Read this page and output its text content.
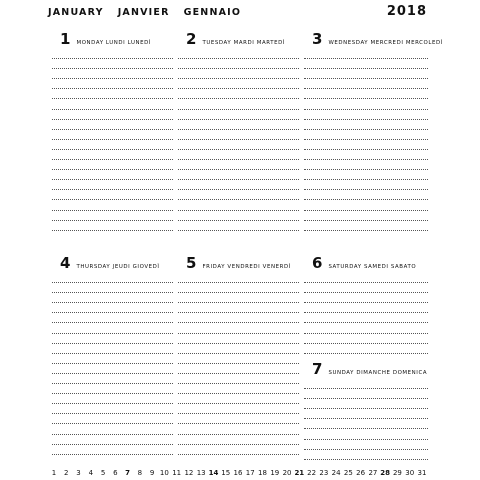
JANUARY JANVIER GENNAIO	2018
1 MONDAY LUNDI LUNEDÌ 2 TUESDAY MARDI MARTEDÌ 3 WEDNESDAY MERCREDI MERCOLEDÌ
4 THURSDAY JEUDI GIOVEDÌ 5 FRIDAY VENDREDI VENERDÌ 6 SATURDAY SAMEDI SABATO
7 SUNDAY DIMANCHE DOMENICA
1	2	3	4	5	6	7	8	9 10 11 12 13 14 15 16 17 18 19 20 21 22 23 24 25 26 27 28 29 30 31
